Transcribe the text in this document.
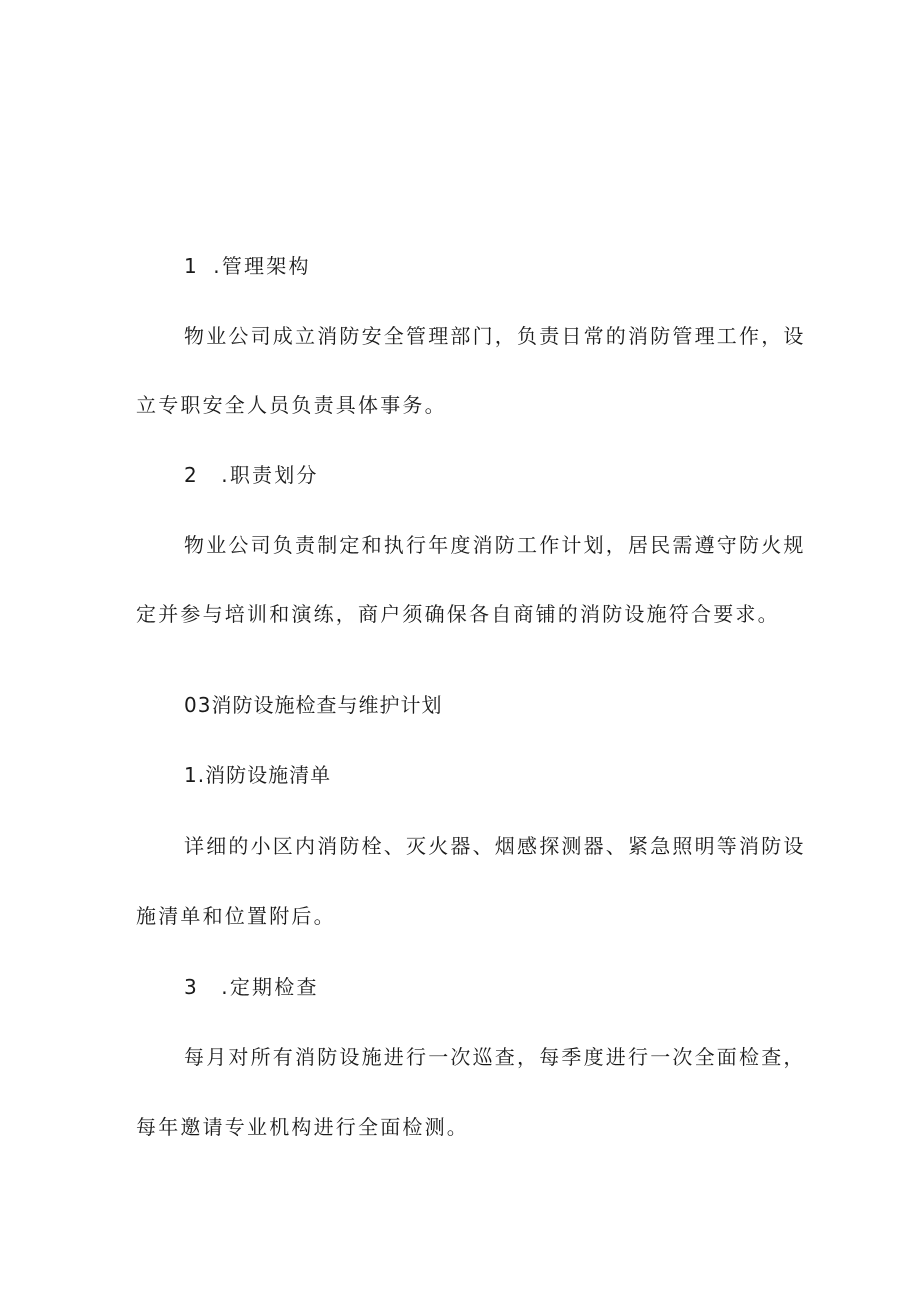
1 .管理架构
物业公司成立消防安全管理部门，负责日常的消防管理工作，设
立专职安全人员负责具体事务。
2 .职责划分
物业公司负责制定和执行年度消防工作计划，居民需遵守防火规
定并参与培训和演练，商户须确保各自商铺的消防设施符合要求。
03消防设施检查与维护计划
1.消防设施清单
详细的小区内消防栓、灭火器、烟感探测器、紧急照明等消防设
施清单和位置附后。
3 .定期检查
每月对所有消防设施进行一次巡查，每季度进行一次全面检查，
每年邀请专业机构进行全面检测。
